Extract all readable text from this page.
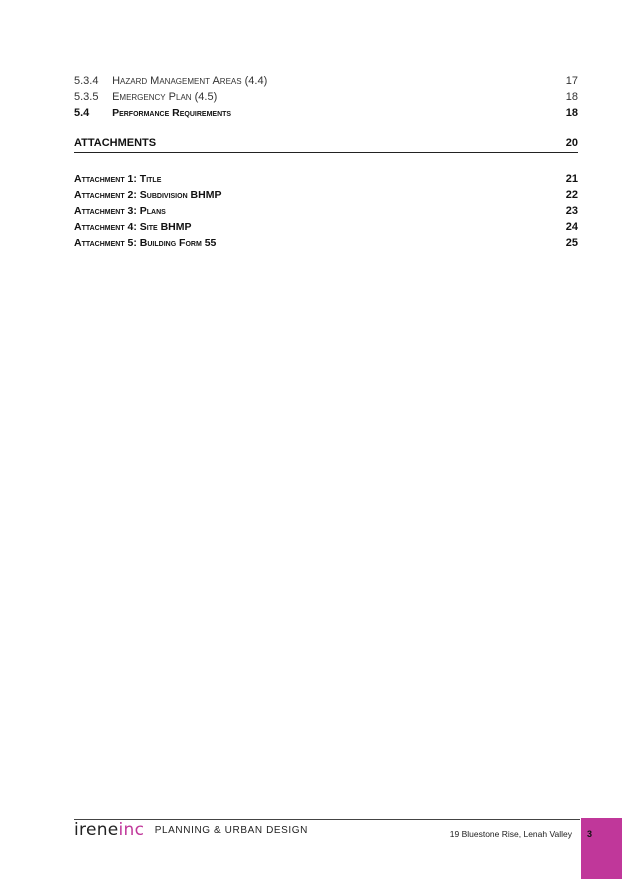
5.3.4 Hazard Management Areas (4.4)	17
5.3.5 Emergency Plan (4.5)	18
5.4 Performance Requirements	18
ATTACHMENTS	20
Attachment 1: Title	21
Attachment 2: Subdivision BHMP	22
Attachment 3: Plans	23
Attachment 4: Site BHMP	24
Attachment 5: Building Form 55	25
ireneinc PLANNING & URBAN DESIGN	19 Bluestone Rise, Lenah Valley 3
